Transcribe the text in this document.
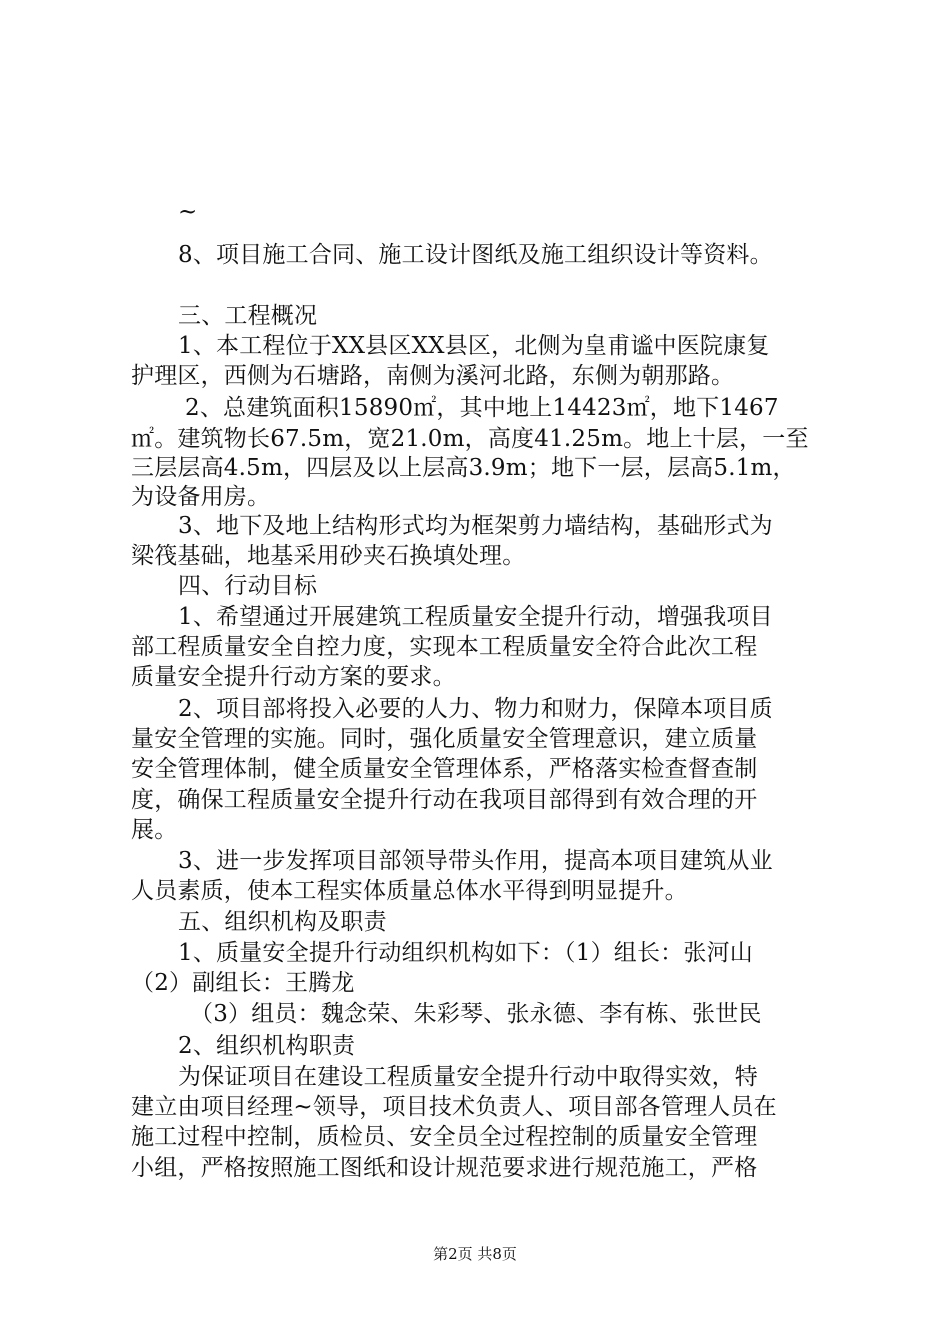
~

8、项目施工合同、施工设计图纸及施工组织设计等资料。

三、工程概况

1、本工程位于XX县区XX县区，北侧为皇甫谧中医院康复

护理区，西侧为石塘路，南侧为溪河北路，东侧为朝那路。

2、总建筑面积15890㎡，其中地上14423㎡，地下1467

㎡。建筑物长67.5m，宽21.0m，高度41.25m。地上十层，一至

三层层高4.5m，四层及以上层高3.9m；地下一层，层高5.1m，

为设备用房。

3、地下及地上结构形式均为框架剪力墙结构，基础形式为

梁筏基础，地基采用砂夹石换填处理。

四、行动目标

1、希望通过开展建筑工程质量安全提升行动，增强我项目

部工程质量安全自控力度，实现本工程质量安全符合此次工程

质量安全提升行动方案的要求。

2、项目部将投入必要的人力、物力和财力，保障本项目质

量安全管理的实施。同时，强化质量安全管理意识，建立质量

安全管理体制，健全质量安全管理体系，严格落实检查督查制

度，确保工程质量安全提升行动在我项目部得到有效合理的开

展。

3、进一步发挥项目部领导带头作用，提高本项目建筑从业

人员素质，使本工程实体质量总体水平得到明显提升。

五、组织机构及职责

1、质量安全提升行动组织机构如下：（1）组长：张河山

（2）副组长：王腾龙

（3）组员：魏念荣、朱彩琴、张永德、李有栋、张世民

2、组织机构职责

为保证项目在建设工程质量安全提升行动中取得实效，特

建立由项目经理~领导，项目技术负责人、项目部各管理人员在

施工过程中控制，质检员、安全员全过程控制的质量安全管理

小组，严格按照施工图纸和设计规范要求进行规范施工，严格

第2页 共8页
